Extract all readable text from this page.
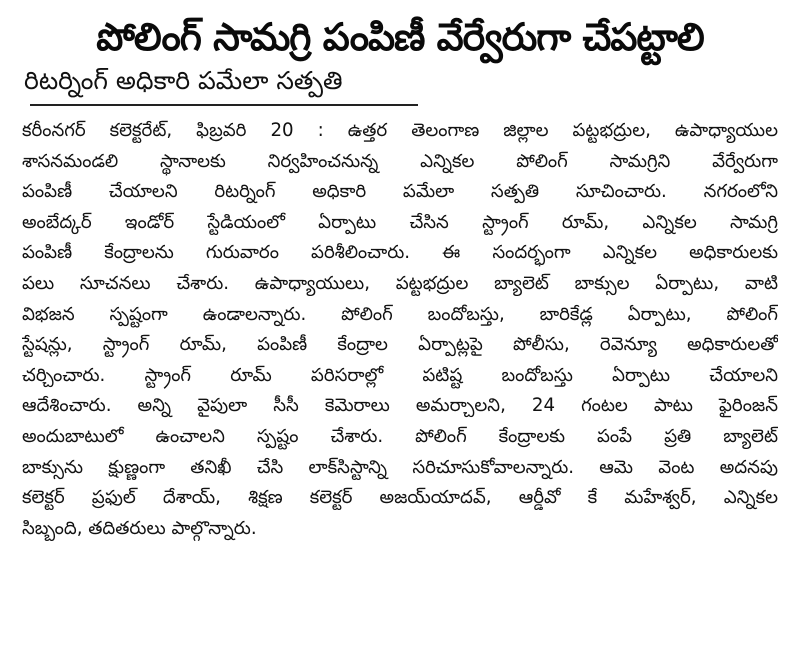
పోలింగ్ సామగ్రి పంపిణీ వేర్వేరుగా చేపట్టాలి
రిటర్నింగ్ అధికారి పమేలా సత్పతి
కరీంనగర్ కలెక్టరేట్, ఫిబ్రవరి 20 : ఉత్తర తెలంగాణ జిల్లాల పట్టభద్రుల, ఉపాధ్యాయుల
శాసనమండలి స్థానాలకు నిర్వహించనున్న ఎన్నికల పోలింగ్ సామగ్రిని వేర్వేరుగా
పంపిణీ చేయాలని రిటర్నింగ్ అధికారి పమేలా సత్పతి సూచించారు. నగరంలోని
అంబేద్కర్ ఇండోర్ స్టేడియంలో ఏర్పాటు చేసిన స్ట్రాంగ్ రూమ్, ఎన్నికల సామగ్రి
పంపిణీ కేంద్రాలను గురువారం పరిశీలించారు. ఈ సందర్భంగా ఎన్నికల అధికారులకు
పలు సూచనలు చేశారు. ఉపాధ్యాయులు, పట్టభద్రుల బ్యాలెట్ బాక్సుల ఏర్పాటు, వాటి
విభజన స్పష్టంగా ఉండాలన్నారు. పోలింగ్ బందోబస్తు, బారికేడ్ల ఏర్పాటు, పోలింగ్
స్టేషన్లు, స్ట్రాంగ్ రూమ్, పంపిణీ కేంద్రాల ఏర్పాట్లపై పోలీసు, రెవెన్యూ అధికారులతో
చర్చించారు. స్ట్రాంగ్ రూమ్ పరిసరాల్లో పటిష్ట బందోబస్తు ఏర్పాటు చేయాలని
ఆదేశించారు. అన్ని వైపులా సీసీ కెమెరాలు అమర్చాలని, 24 గంటల పాటు ఫైరింజన్
అందుబాటులో ఉంచాలని స్పష్టం చేశారు. పోలింగ్ కేంద్రాలకు పంపే ప్రతి బ్యాలెట్
బాక్సును క్షుణ్ణంగా తనిఖీ చేసి లాక్‌సిస్టాన్ని సరిచూసుకోవాలన్నారు. ఆమె వెంట అదనపు
కలెక్టర్ ప్రఫుల్ దేశాయ్, శిక్షణ కలెక్టర్ అజయ్‌యాదవ్, ఆర్డీవో కే మహేశ్వర్, ఎన్నికల
సిబ్బంది, తదితరులు పాల్గొన్నారు.
